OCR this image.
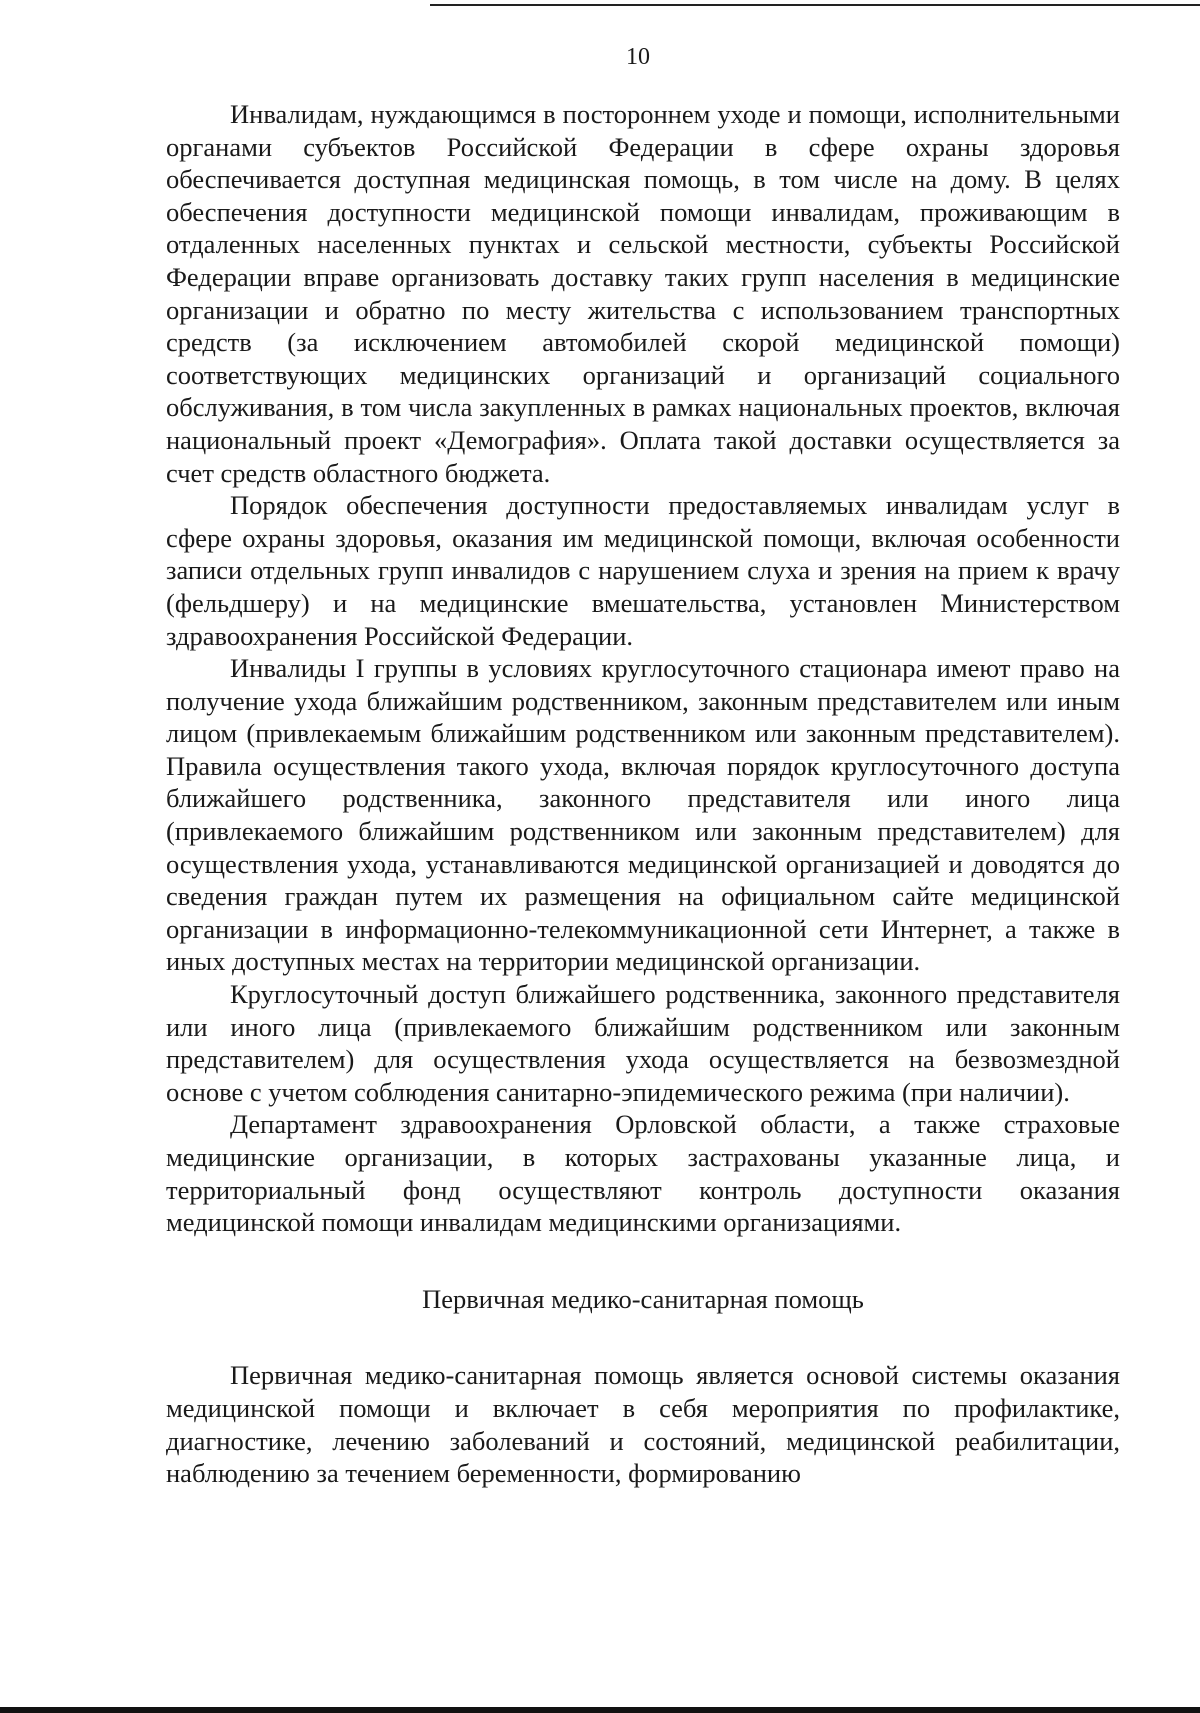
10

Инвалидам, нуждающимся в постороннем уходе и помощи, исполнительными органами субъектов Российской Федерации в сфере охраны здоровья обеспечивается доступная медицинская помощь, в том числе на дому. В целях обеспечения доступности медицинской помощи инвалидам, проживающим в отдаленных населенных пунктах и сельской местности, субъекты Российской Федерации вправе организовать доставку таких групп населения в медицинские организации и обратно по месту жительства с использованием транспортных средств (за исключением автомобилей скорой медицинской помощи) соответствующих медицинских организаций и организаций социального обслуживания, в том числа закупленных в рамках национальных проектов, включая национальный проект «Демография». Оплата такой доставки осуществляется за счет средств областного бюджета.

Порядок обеспечения доступности предоставляемых инвалидам услуг в сфере охраны здоровья, оказания им медицинской помощи, включая особенности записи отдельных групп инвалидов с нарушением слуха и зрения на прием к врачу (фельдшеру) и на медицинские вмешательства, установлен Министерством здравоохранения Российской Федерации.

Инвалиды I группы в условиях круглосуточного стационара имеют право на получение ухода ближайшим родственником, законным представителем или иным лицом (привлекаемым ближайшим родственником или законным представителем). Правила осуществления такого ухода, включая порядок круглосуточного доступа ближайшего родственника, законного представителя или иного лица (привлекаемого ближайшим родственником или законным представителем) для осуществления ухода, устанавливаются медицинской организацией и доводятся до сведения граждан путем их размещения на официальном сайте медицинской организации в информационно-телекоммуникационной сети Интернет, а также в иных доступных местах на территории медицинской организации.

Круглосуточный доступ ближайшего родственника, законного представителя или иного лица (привлекаемого ближайшим родственником или законным представителем) для осуществления ухода осуществляется на безвозмездной основе с учетом соблюдения санитарно-эпидемического режима (при наличии).

Департамент здравоохранения Орловской области, а также страховые медицинские организации, в которых застрахованы указанные лица, и территориальный фонд осуществляют контроль доступности оказания медицинской помощи инвалидам медицинскими организациями.

Первичная медико-санитарная помощь

Первичная медико-санитарная помощь является основой системы оказания медицинской помощи и включает в себя мероприятия по профилактике, диагностике, лечению заболеваний и состояний, медицинской реабилитации, наблюдению за течением беременности, формированию
